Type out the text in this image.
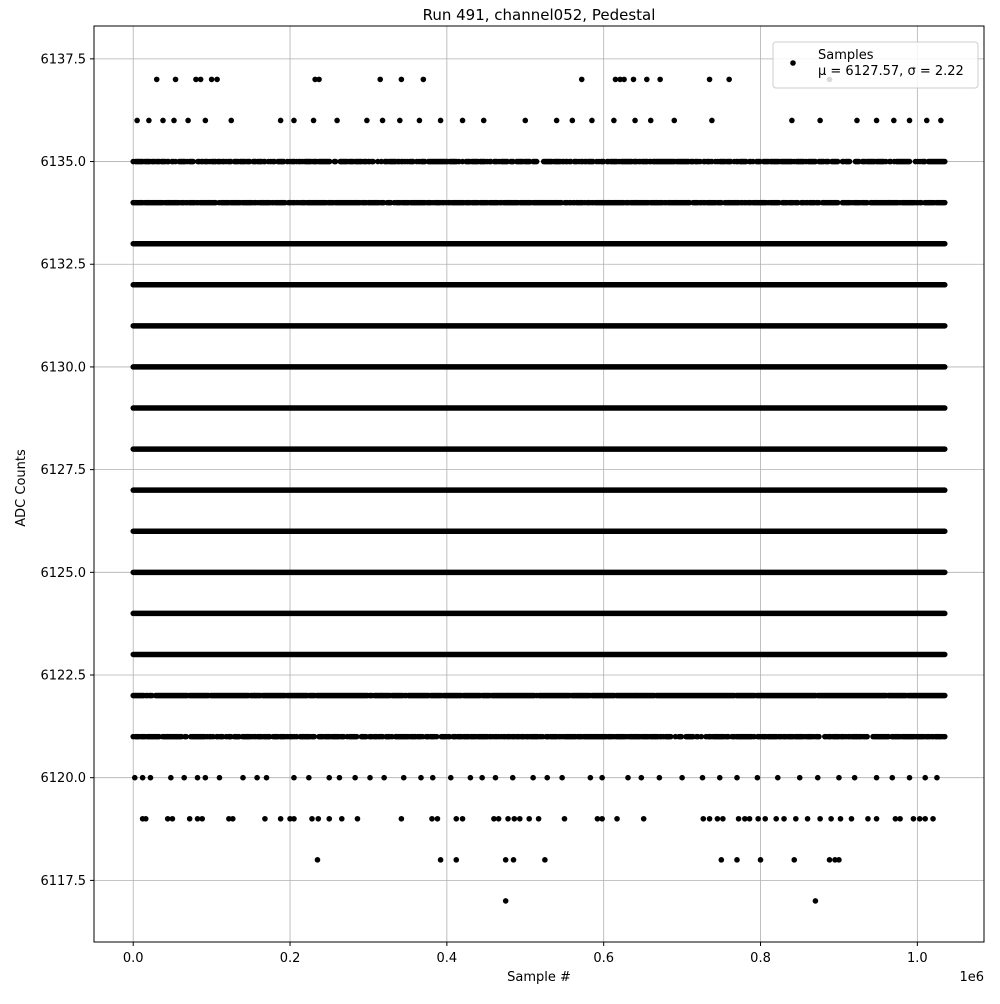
0.0	0.2	0.4	0.6	0.8	1.0
6117.5
6120.0
6122.5
6125.0
6127.5
6130.0
6132.5
6135.0
6137.5
Run 491, channel052, Pedestal
Sample #
ADC Counts
1e6
Samples
μ = 6127.57, σ = 2.22
